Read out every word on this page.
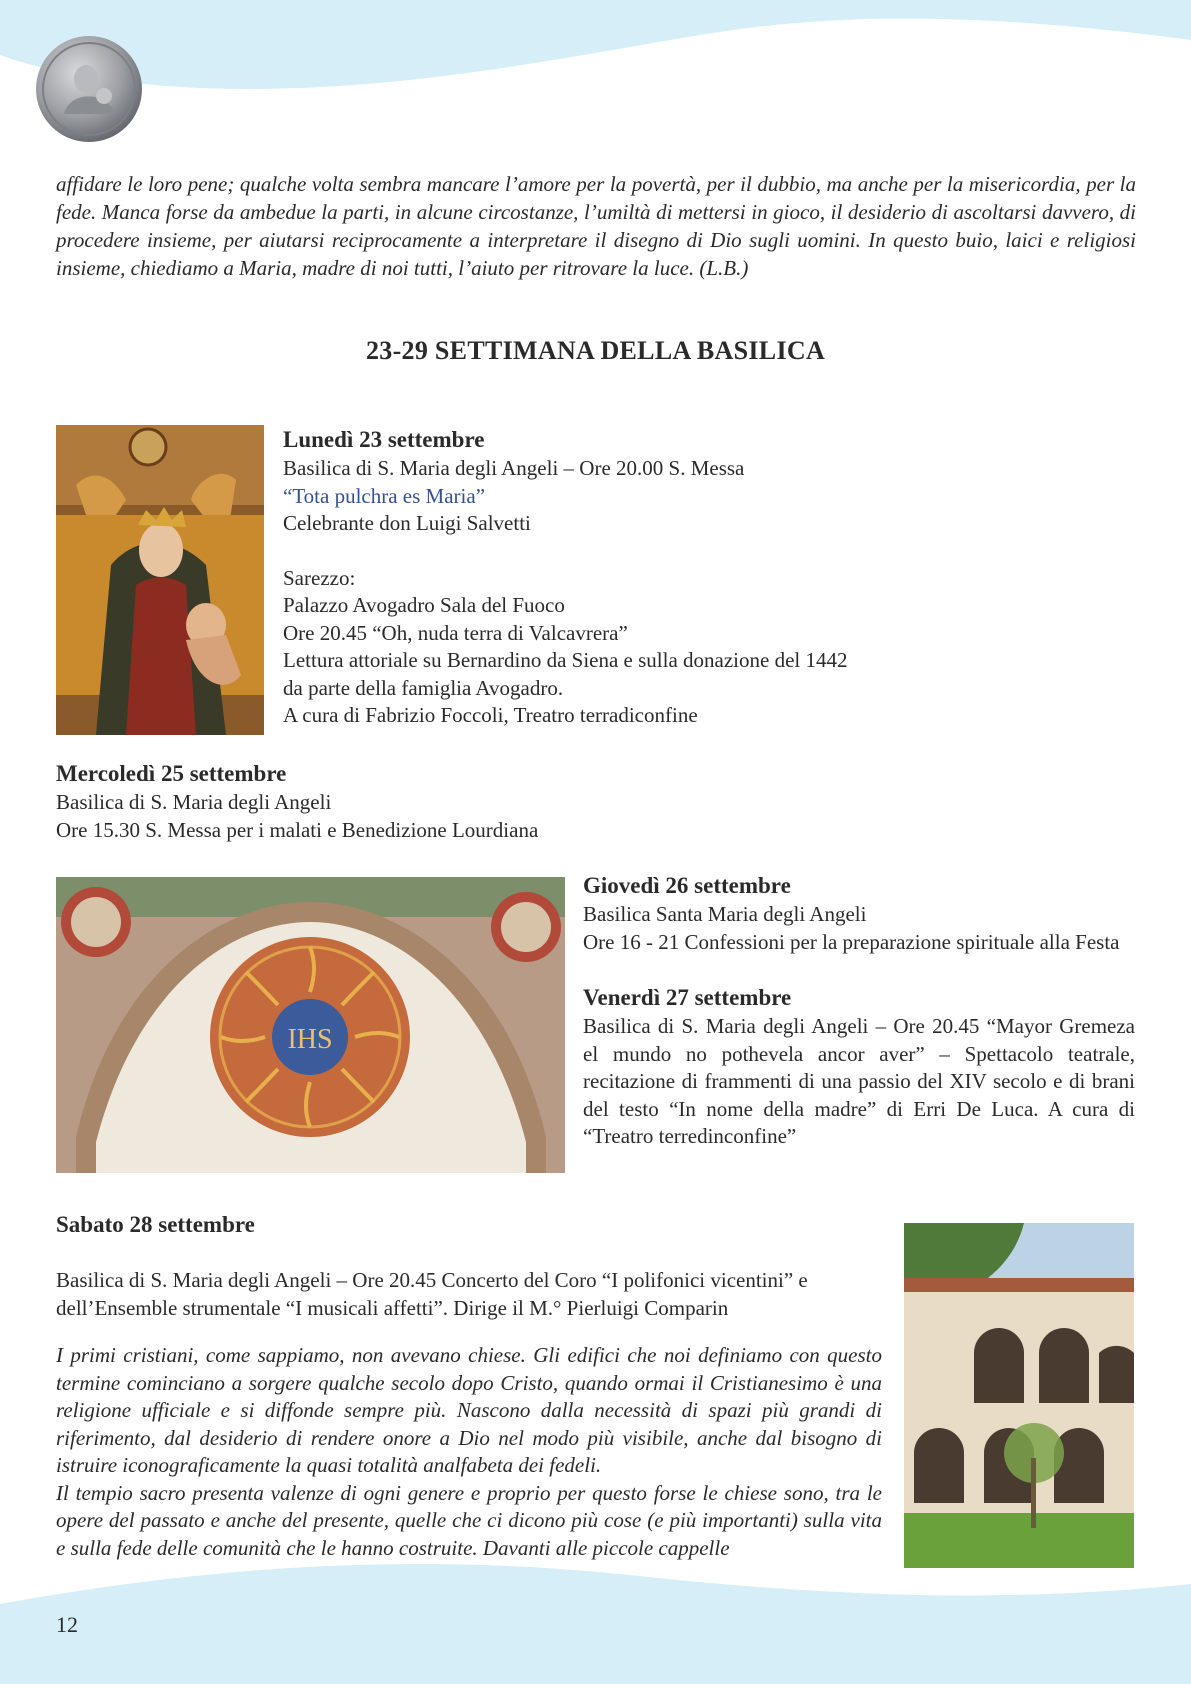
affidare le loro pene; qualche volta sembra mancare l’amore per la povertà, per il dubbio, ma anche per la misericordia, per la fede. Manca forse da ambedue la parti, in alcune circostanze, l’umiltà di mettersi in gioco, il desiderio di ascoltarsi davvero, di procedere insieme, per aiutarsi reciprocamente a interpretare il disegno di Dio sugli uomini. In questo buio, laici e religiosi insieme, chiediamo a Maria, madre di noi tutti, l’aiuto per ritrovare la luce. (L.B.)

23-29 SETTIMANA DELLA BASILICA

Lunedì 23 settembre

Basilica di S. Maria degli Angeli – Ore 20.00 S. Messa

“Tota pulchra es Maria”

Celebrante don Luigi Salvetti

Sarezzo:

Palazzo Avogadro Sala del Fuoco

Ore 20.45 “Oh, nuda terra di Valcavrera”

Lettura attoriale su Bernardino da Siena e sulla donazione del 1442

da parte della famiglia Avogadro.

A cura di Fabrizio Foccoli, Treatro terradiconfine

Mercoledì 25 settembre

Basilica di S. Maria degli Angeli

Ore 15.30 S. Messa per i malati e Benedizione Lourdiana

IHS

Giovedì 26 settembre

Basilica Santa Maria degli Angeli

Ore 16 - 21 Confessioni per la preparazione spirituale alla Festa

Venerdì 27 settembre

Basilica di S. Maria degli Angeli – Ore 20.45 “Mayor Gremeza el mundo no pothevela ancor aver” – Spettacolo teatrale, recitazione di frammenti di una passio del XIV secolo e di brani del testo “In nome della madre” di Erri De Luca. A cura di “Treatro terredinconfine”

Sabato 28 settembre

Basilica di S. Maria degli Angeli – Ore 20.45 Concerto del Coro “I polifonici vicentini” e dell’Ensemble strumentale “I musicali affetti”. Dirige il M.° Pierluigi Comparin

I primi cristiani, come sappiamo, non avevano chiese. Gli edifici che noi definiamo con questo termine cominciano a sorgere qualche secolo dopo Cristo, quando ormai il Cristianesimo è una religione ufficiale e si diffonde sempre più. Nascono dalla necessità di spazi più grandi di riferimento, dal desiderio di rendere onore a Dio nel modo più visibile, anche dal bisogno di istruire iconograficamente la quasi totalità analfabeta dei fedeli.

Il tempio sacro presenta valenze di ogni genere e proprio per questo forse le chiese sono, tra le opere del passato e anche del presente, quelle che ci dicono più cose (e più importanti) sulla vita e sulla fede delle comunità che le hanno costruite. Davanti alle piccole cappelle

12
